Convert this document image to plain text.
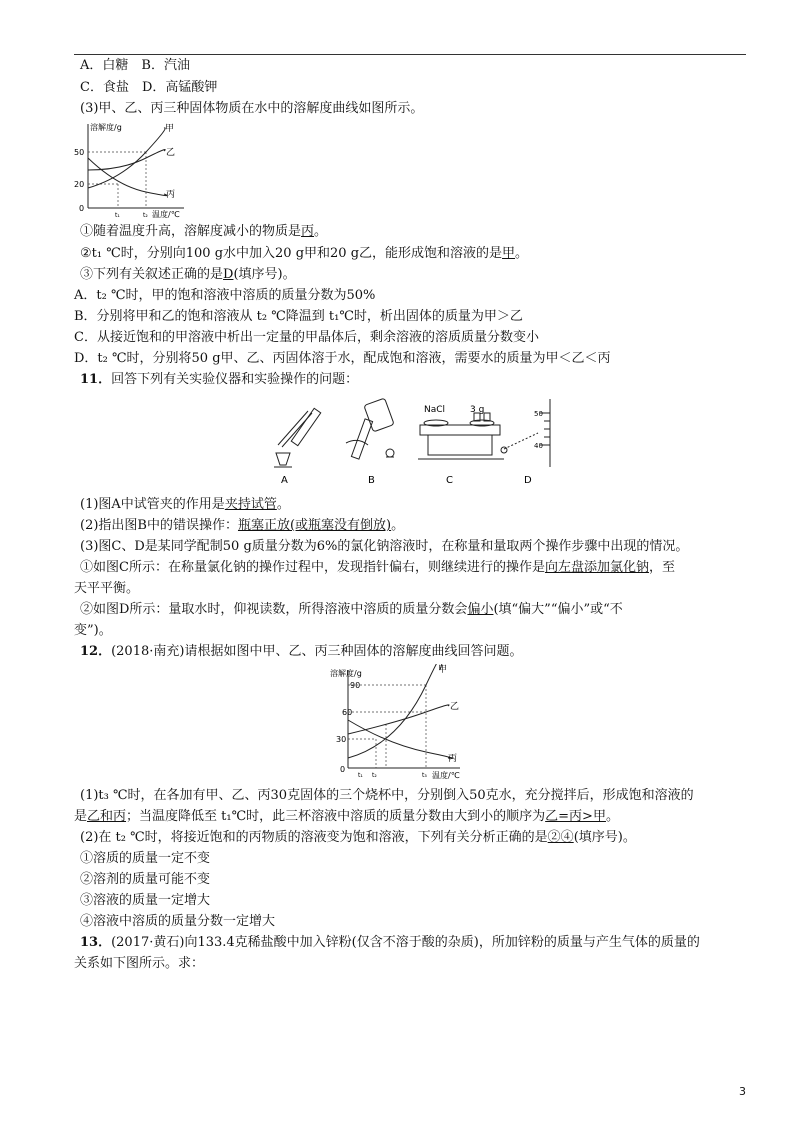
A．白糖　B．汽油
C．食盐　D．高锰酸钾
(3)甲、乙、丙三种固体物质在水中的溶解度曲线如图所示。
溶解度/g
50
20
0
甲
乙
丙
t₁	t₂ 温度/℃
①随着温度升高，溶解度减小的物质是丙。
②t₁ ℃时，分别向100 g水中加入20 g甲和20 g乙，能形成饱和溶液的是甲。
③下列有关叙述正确的是D(填序号)。
A．t₂ ℃时，甲的饱和溶液中溶质的质量分数为50%
B．分别将甲和乙的饱和溶液从 t₂ ℃降温到 t₁℃时，析出固体的质量为甲＞乙
C．从接近饱和的甲溶液中析出一定量的甲晶体后，剩余溶液的溶质质量分数变小
D．t₂ ℃时，分别将50 g甲、乙、丙固体溶于水，配成饱和溶液，需要水的质量为甲＜乙＜丙
11．回答下列有关实验仪器和实验操作的问题：
NaCl	3 g	50
40
A	B	C	D
(1)图A中试管夹的作用是夹持试管。
(2)指出图B中的错误操作：瓶塞正放(或瓶塞没有倒放)。
(3)图C、D是某同学配制50 g质量分数为6%的氯化钠溶液时，在称量和量取两个操作步骤中出现的情况。
①如图C所示：在称量氯化钠的操作过程中，发现指针偏右，则继续进行的操作是向左盘添加氯化钠，至
天平平衡。
②如图D所示：量取水时，仰视读数，所得溶液中溶质的质量分数会偏小(填“偏大”“偏小”或“不
变”)。
12．(2018·南充)请根据如图中甲、乙、丙三种固体的溶解度曲线回答问题。
溶解度/g
90
60
30
0
甲
乙
丙
t₁ t₂	t₃ 温度/℃
(1)t₃ ℃时，在各加有甲、乙、丙30克固体的三个烧杯中，分别倒入50克水，充分搅拌后，形成饱和溶液的
是乙和丙；当温度降低至 t₁℃时，此三杯溶液中溶质的质量分数由大到小的顺序为乙=丙>甲。
(2)在 t₂ ℃时，将接近饱和的丙物质的溶液变为饱和溶液，下列有关分析正确的是②④(填序号)。
①溶质的质量一定不变
②溶剂的质量可能不变
③溶液的质量一定增大
④溶液中溶质的质量分数一定增大
13．(2017·黄石)向133.4克稀盐酸中加入锌粉(仅含不溶于酸的杂质)，所加锌粉的质量与产生气体的质量的
关系如下图所示。求：
3
